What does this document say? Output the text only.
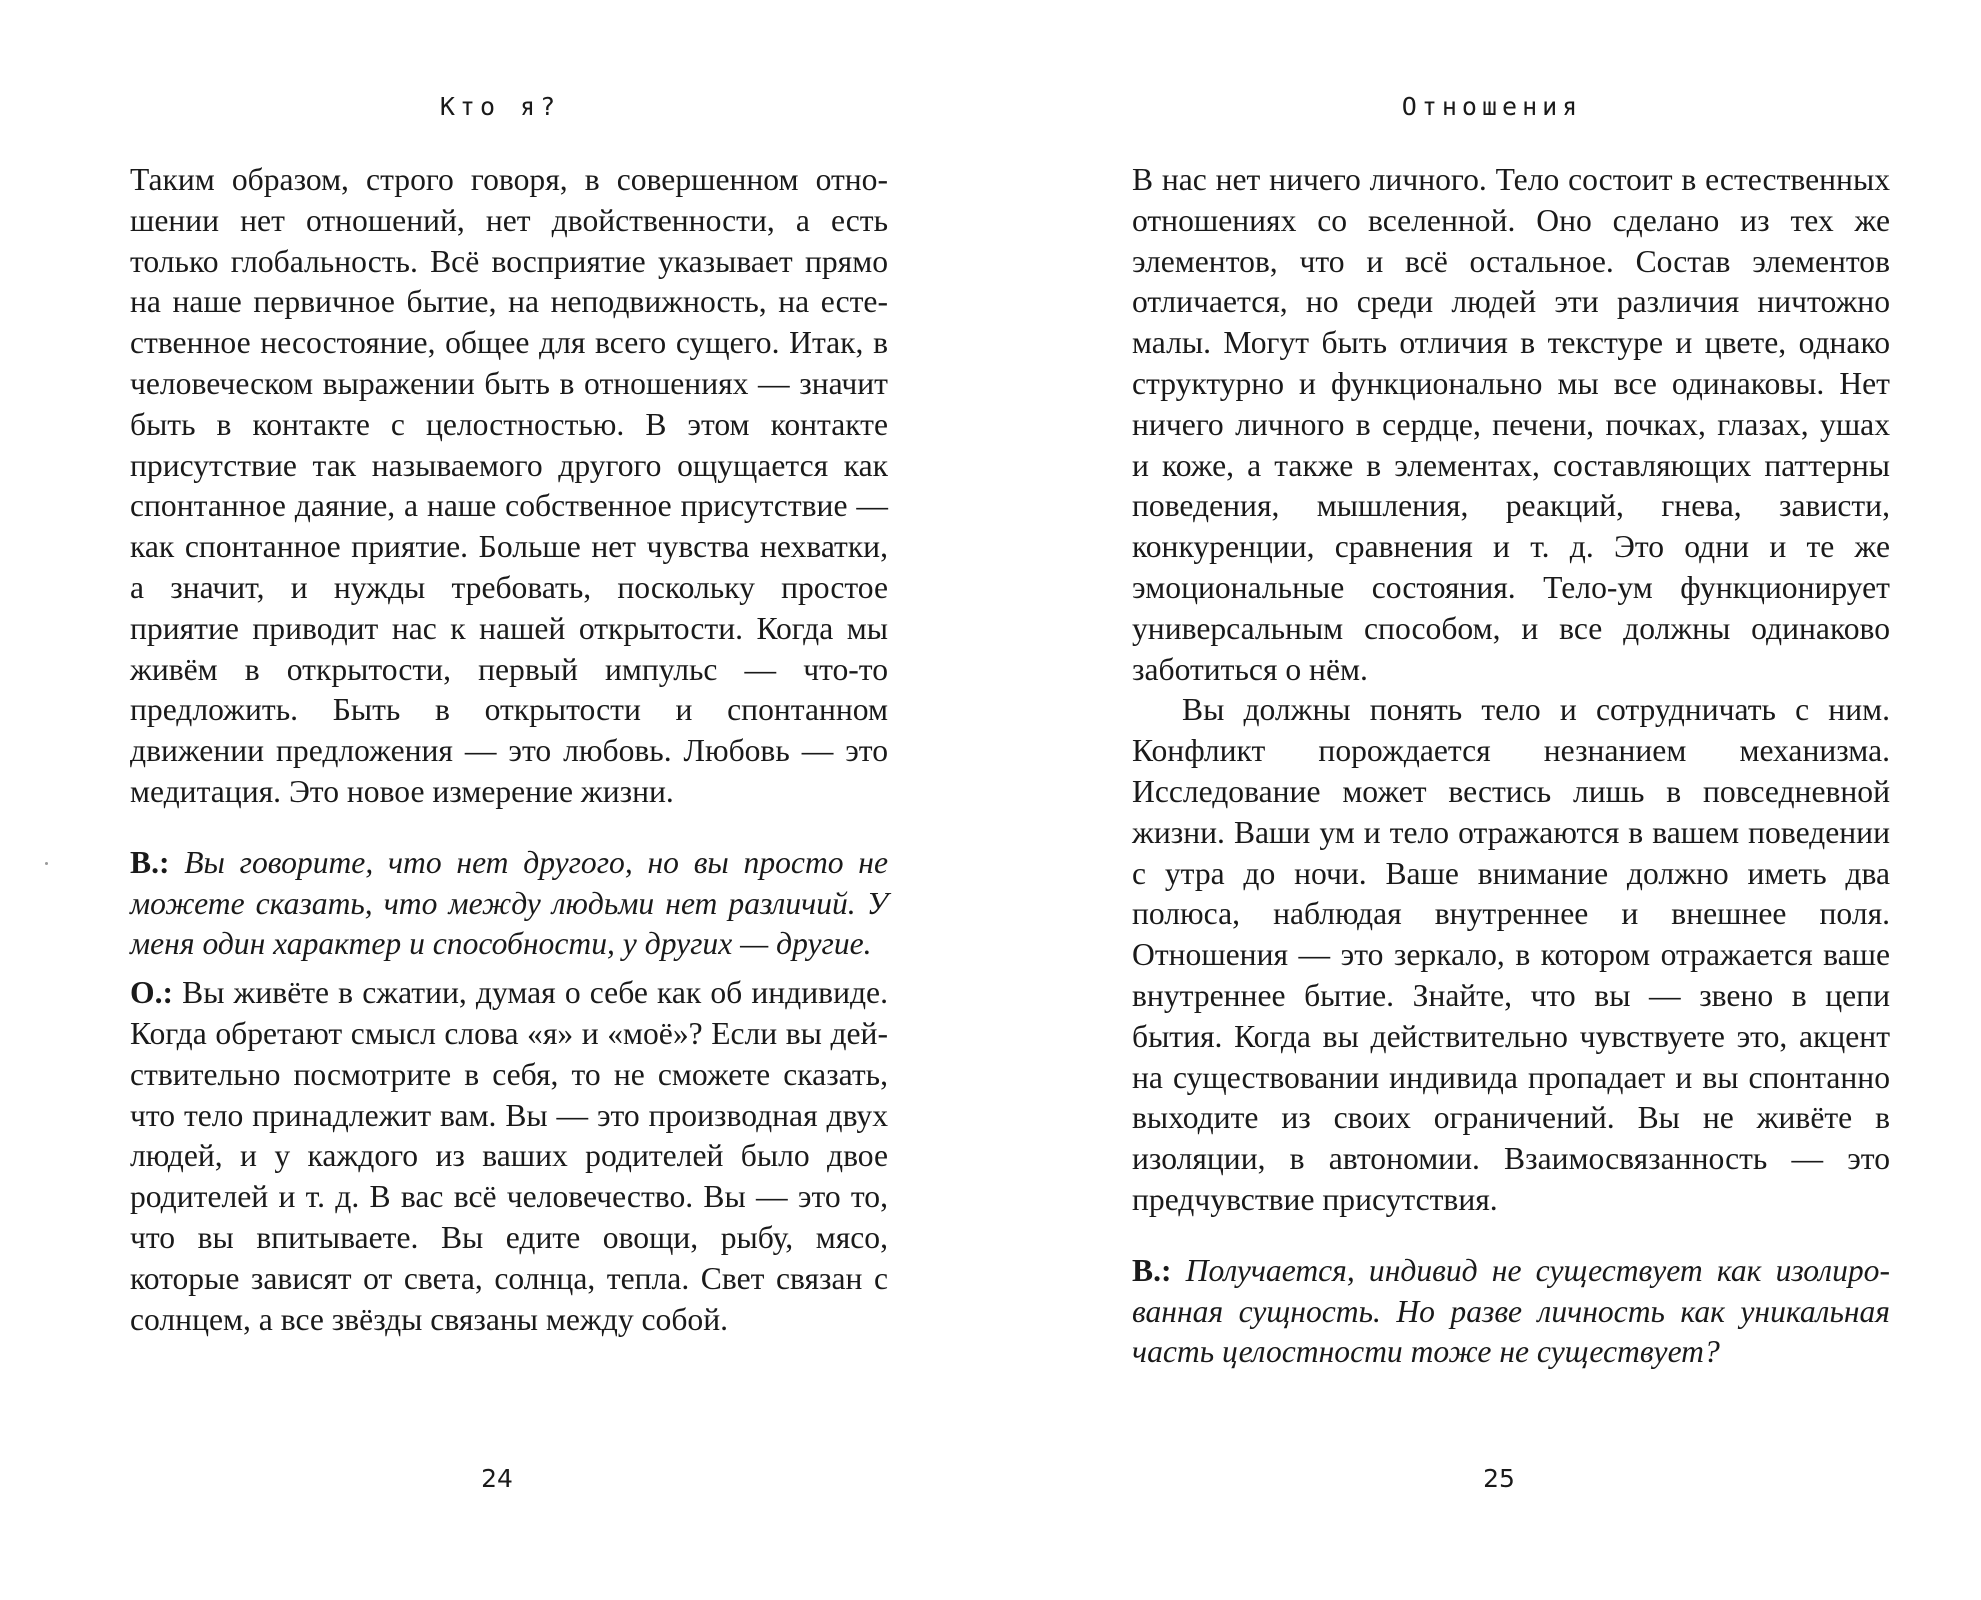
Кто я?

Таким образом, строго говоря, в совершенном отношении нет отношений, нет двойственности, а есть только глобальность. Всё восприятие указывает прямо на наше первичное бытие, на неподвижность, на естественное несостояние, общее для всего сущего. Итак, в человеческом выражении быть в отношениях — значит быть в контакте с целостностью. В этом контакте присутствие так называемого другого ощущается как спонтанное даяние, а наше собственное присутствие — как спонтанное приятие. Больше нет чувства нехватки, а значит, и нужды требовать, поскольку простое приятие приводит нас к нашей открытости. Когда мы живём в открытости, первый импульс — что-то предложить. Быть в открытости и спонтанном движении предложения — это любовь. Любовь — это медитация. Это новое измерение жизни.

В.: Вы говорите, что нет другого, но вы просто не можете сказать, что между людьми нет различий. У меня один характер и способности, у других — другие.

О.: Вы живёте в сжатии, думая о себе как об индивиде. Когда обретают смысл слова «я» и «моё»? Если вы действительно посмотрите в себя, то не сможете сказать, что тело принадлежит вам. Вы — это производная двух людей, и у каждого из ваших родителей было двое родителей и т. д. В вас всё человечество. Вы — это то, что вы впитываете. Вы едите овощи, рыбу, мясо, которые зависят от света, солнца, тепла. Свет связан с солнцем, а все звёзды связаны между собой.

24
Отношения

В нас нет ничего личного. Тело состоит в естественных отношениях со вселенной. Оно сделано из тех же элементов, что и всё остальное. Состав элементов отличается, но среди людей эти различия ничтожно малы. Могут быть отличия в текстуре и цвете, однако структурно и функционально мы все одинаковы. Нет ничего личного в сердце, печени, почках, глазах, ушах и коже, а также в элементах, составляющих паттерны поведения, мышления, реакций, гнева, зависти, конкуренции, сравнения и т. д. Это одни и те же эмоциональные состояния. Тело-ум функционирует универсальным способом, и все должны одинаково заботиться о нём.

Вы должны понять тело и сотрудничать с ним. Конфликт порождается незнанием механизма. Исследование может вестись лишь в повседневной жизни. Ваши ум и тело отражаются в вашем поведении с утра до ночи. Ваше внимание должно иметь два полюса, наблюдая внутреннее и внешнее поля. Отношения — это зеркало, в котором отражается ваше внутреннее бытие. Знайте, что вы — звено в цепи бытия. Когда вы действительно чувствуете это, акцент на существовании индивида пропадает и вы спонтанно выходите из своих ограничений. Вы не живёте в изоляции, в автономии. Взаимосвязанность — это предчувствие присутствия.

В.: Получается, индивид не существует как изолированная сущность. Но разве личность как уникальная часть целостности тоже не существует?

25
